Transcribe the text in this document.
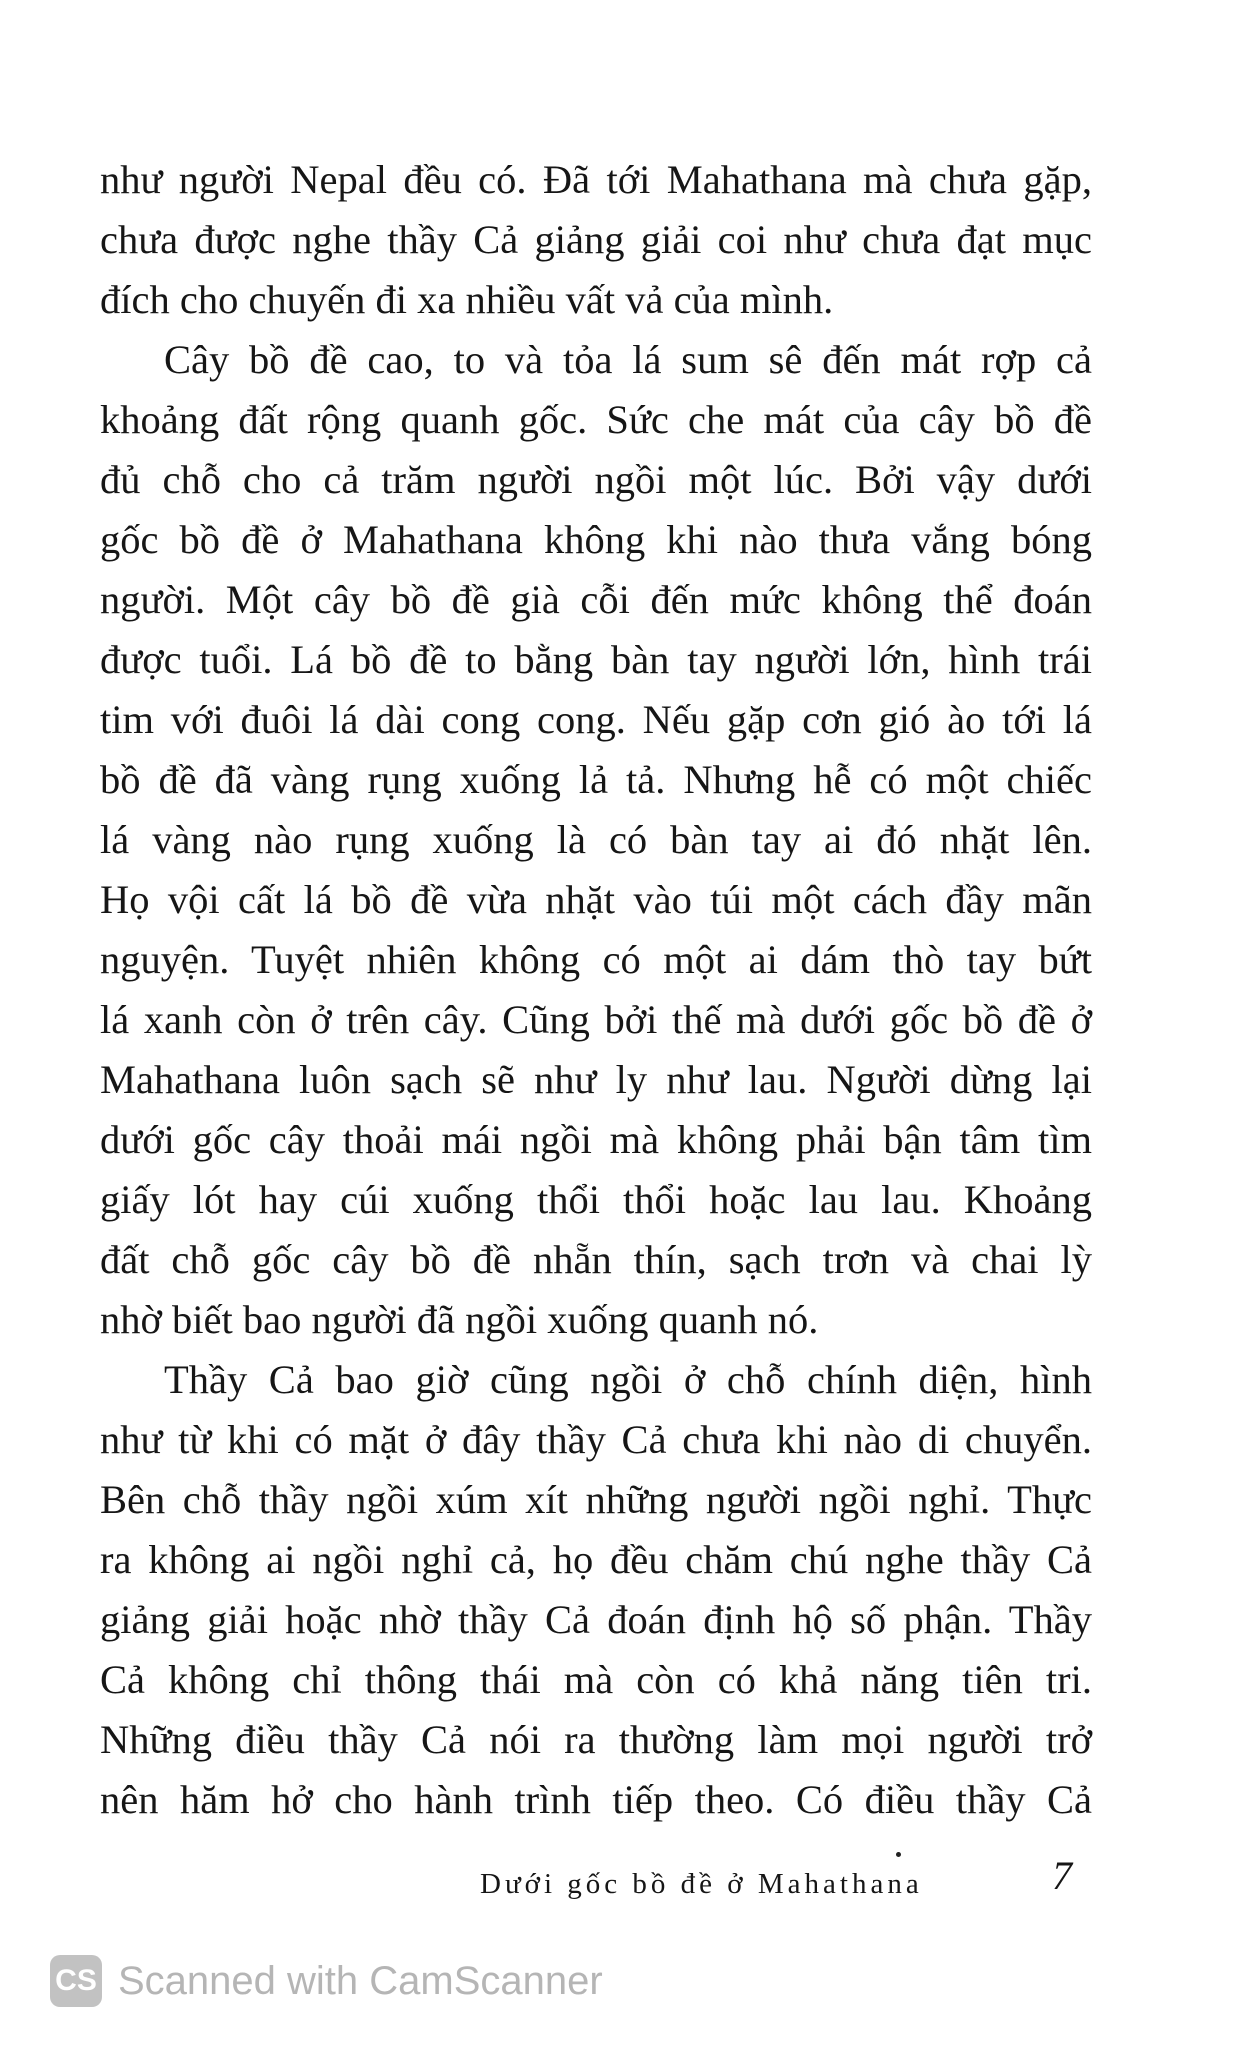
như người Nepal đều có. Đã tới Mahathana mà chưa gặp,
chưa được nghe thầy Cả giảng giải coi như chưa đạt mục
đích cho chuyến đi xa nhiều vất vả của mình.
Cây bồ đề cao, to và tỏa lá sum sê đến mát rợp cả
khoảng đất rộng quanh gốc. Sức che mát của cây bồ đề
đủ chỗ cho cả trăm người ngồi một lúc. Bởi vậy dưới
gốc bồ đề ở Mahathana không khi nào thưa vắng bóng
người. Một cây bồ đề già cỗi đến mức không thể đoán
được tuổi. Lá bồ đề to bằng bàn tay người lớn, hình trái
tim với đuôi lá dài cong cong. Nếu gặp cơn gió ào tới lá
bồ đề đã vàng rụng xuống lả tả. Nhưng hễ có một chiếc
lá vàng nào rụng xuống là có bàn tay ai đó nhặt lên.
Họ vội cất lá bồ đề vừa nhặt vào túi một cách đầy mãn
nguyện. Tuyệt nhiên không có một ai dám thò tay bứt
lá xanh còn ở trên cây. Cũng bởi thế mà dưới gốc bồ đề ở
Mahathana luôn sạch sẽ như ly như lau. Người dừng lại
dưới gốc cây thoải mái ngồi mà không phải bận tâm tìm
giấy lót hay cúi xuống thổi thổi hoặc lau lau. Khoảng
đất chỗ gốc cây bồ đề nhẵn thín, sạch trơn và chai lỳ
nhờ biết bao người đã ngồi xuống quanh nó.
Thầy Cả bao giờ cũng ngồi ở chỗ chính diện, hình
như từ khi có mặt ở đây thầy Cả chưa khi nào di chuyển.
Bên chỗ thầy ngồi xúm xít những người ngồi nghỉ. Thực
ra không ai ngồi nghỉ cả, họ đều chăm chú nghe thầy Cả
giảng giải hoặc nhờ thầy Cả đoán định hộ số phận. Thầy
Cả không chỉ thông thái mà còn có khả năng tiên tri.
Những điều thầy Cả nói ra thường làm mọi người trở
nên hăm hở cho hành trình tiếp theo. Có điều thầy Cả
Dưới gốc bồ đề ở Mahathana	7
CS Scanned with CamScanner
